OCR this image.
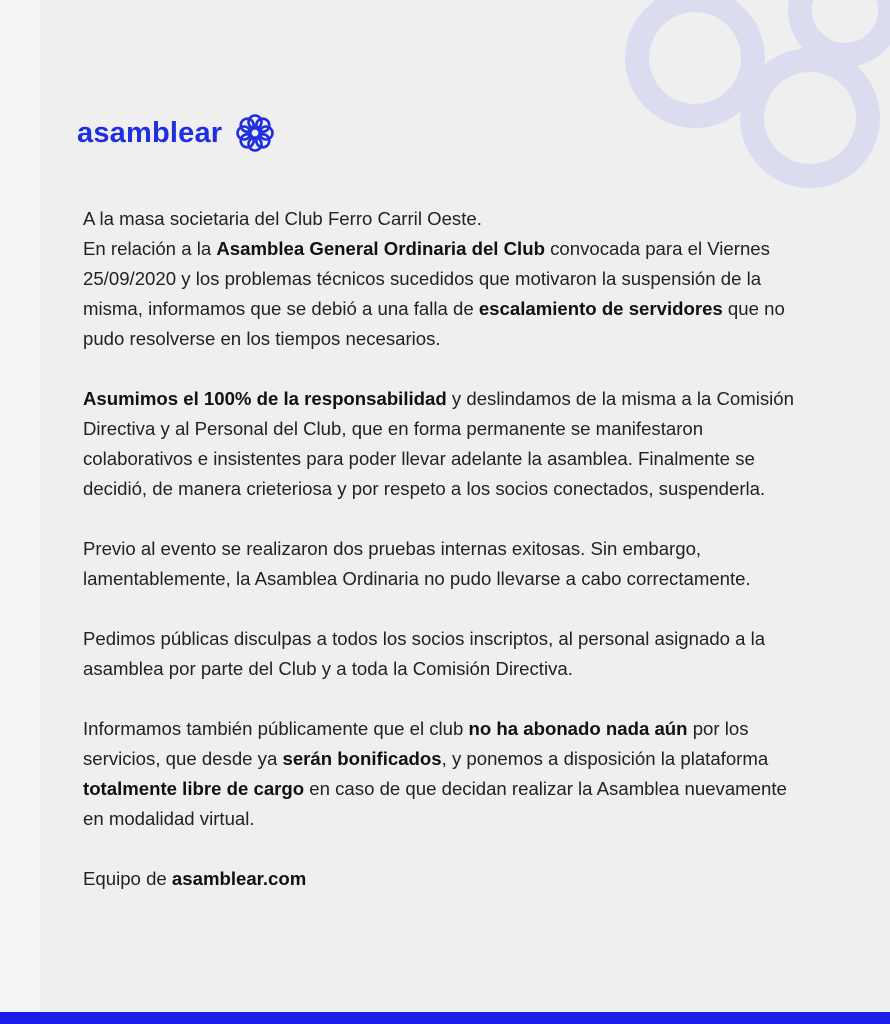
asamblear

A la masa societaria del Club Ferro Carril Oeste.
En relación a la Asamblea General Ordinaria del Club convocada para el Viernes 25/09/2020 y los problemas técnicos sucedidos que motivaron la suspensión de la misma, informamos que se debió a una falla de escalamiento de servidores que no pudo resolverse en los tiempos necesarios.

Asumimos el 100% de la responsabilidad y deslindamos de la misma a la Comisión Directiva y al Personal del Club, que en forma permanente se manifestaron colaborativos e insistentes para poder llevar adelante la asamblea. Finalmente se decidió, de manera crieteriosa y por respeto a los socios conectados, suspenderla.

Previo al evento se realizaron dos pruebas internas exitosas. Sin embargo, lamentablemente, la Asamblea Ordinaria no pudo llevarse a cabo correctamente.

Pedimos públicas disculpas a todos los socios inscriptos, al personal asignado a la asamblea por parte del Club y a toda la Comisión Directiva.

Informamos también públicamente que el club no ha abonado nada aún por los servicios, que desde ya serán bonificados, y ponemos a disposición la plataforma totalmente libre de cargo en caso de que decidan realizar la Asamblea nuevamente en modalidad virtual.

Equipo de asamblear.com
